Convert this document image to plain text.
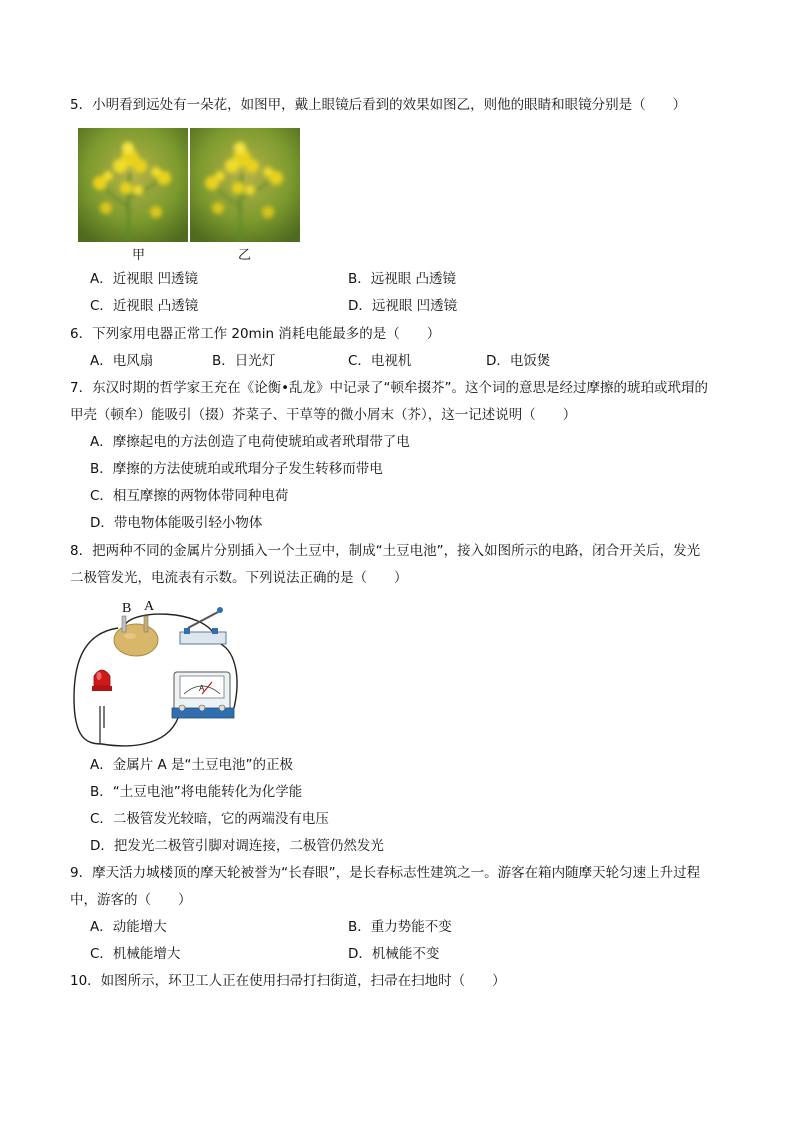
5．小明看到远处有一朵花，如图甲，戴上眼镜后看到的效果如图乙，则他的眼睛和眼镜分别是（　　）
甲	乙
A．近视眼 凹透镜	B．远视眼 凸透镜
C．近视眼 凸透镜	D．远视眼 凹透镜
6．下列家用电器正常工作 20min 消耗电能最多的是（　　）
A．电风扇	B．日光灯	C．电视机	D．电饭煲
7．东汉时期的哲学家王充在《论衡•乱龙》中记录了“顿牟掇芥”。这个词的意思是经过摩擦的琥珀或玳瑁的
甲壳（顿牟）能吸引（掇）芥菜子、干草等的微小屑末（芥），这一记述说明（　　）
A．摩擦起电的方法创造了电荷使琥珀或者玳瑁带了电
B．摩擦的方法使琥珀或玳瑁分子发生转移而带电
C．相互摩擦的两物体带同种电荷
D．带电物体能吸引轻小物体
8．把两种不同的金属片分别插入一个土豆中，制成“土豆电池”，接入如图所示的电路，闭合开关后，发光
二极管发光，电流表有示数。下列说法正确的是（　　）
B A
A
A．金属片 A 是“土豆电池”的正极
B．“土豆电池”将电能转化为化学能
C．二极管发光较暗，它的两端没有电压
D．把发光二极管引脚对调连接，二极管仍然发光
9．摩天活力城楼顶的摩天轮被誉为“长春眼”，是长春标志性建筑之一。游客在箱内随摩天轮匀速上升过程
中，游客的（　　）
A．动能增大	B．重力势能不变
C．机械能增大	D．机械能不变
10．如图所示，环卫工人正在使用扫帚打扫街道，扫帚在扫地时（　　）
